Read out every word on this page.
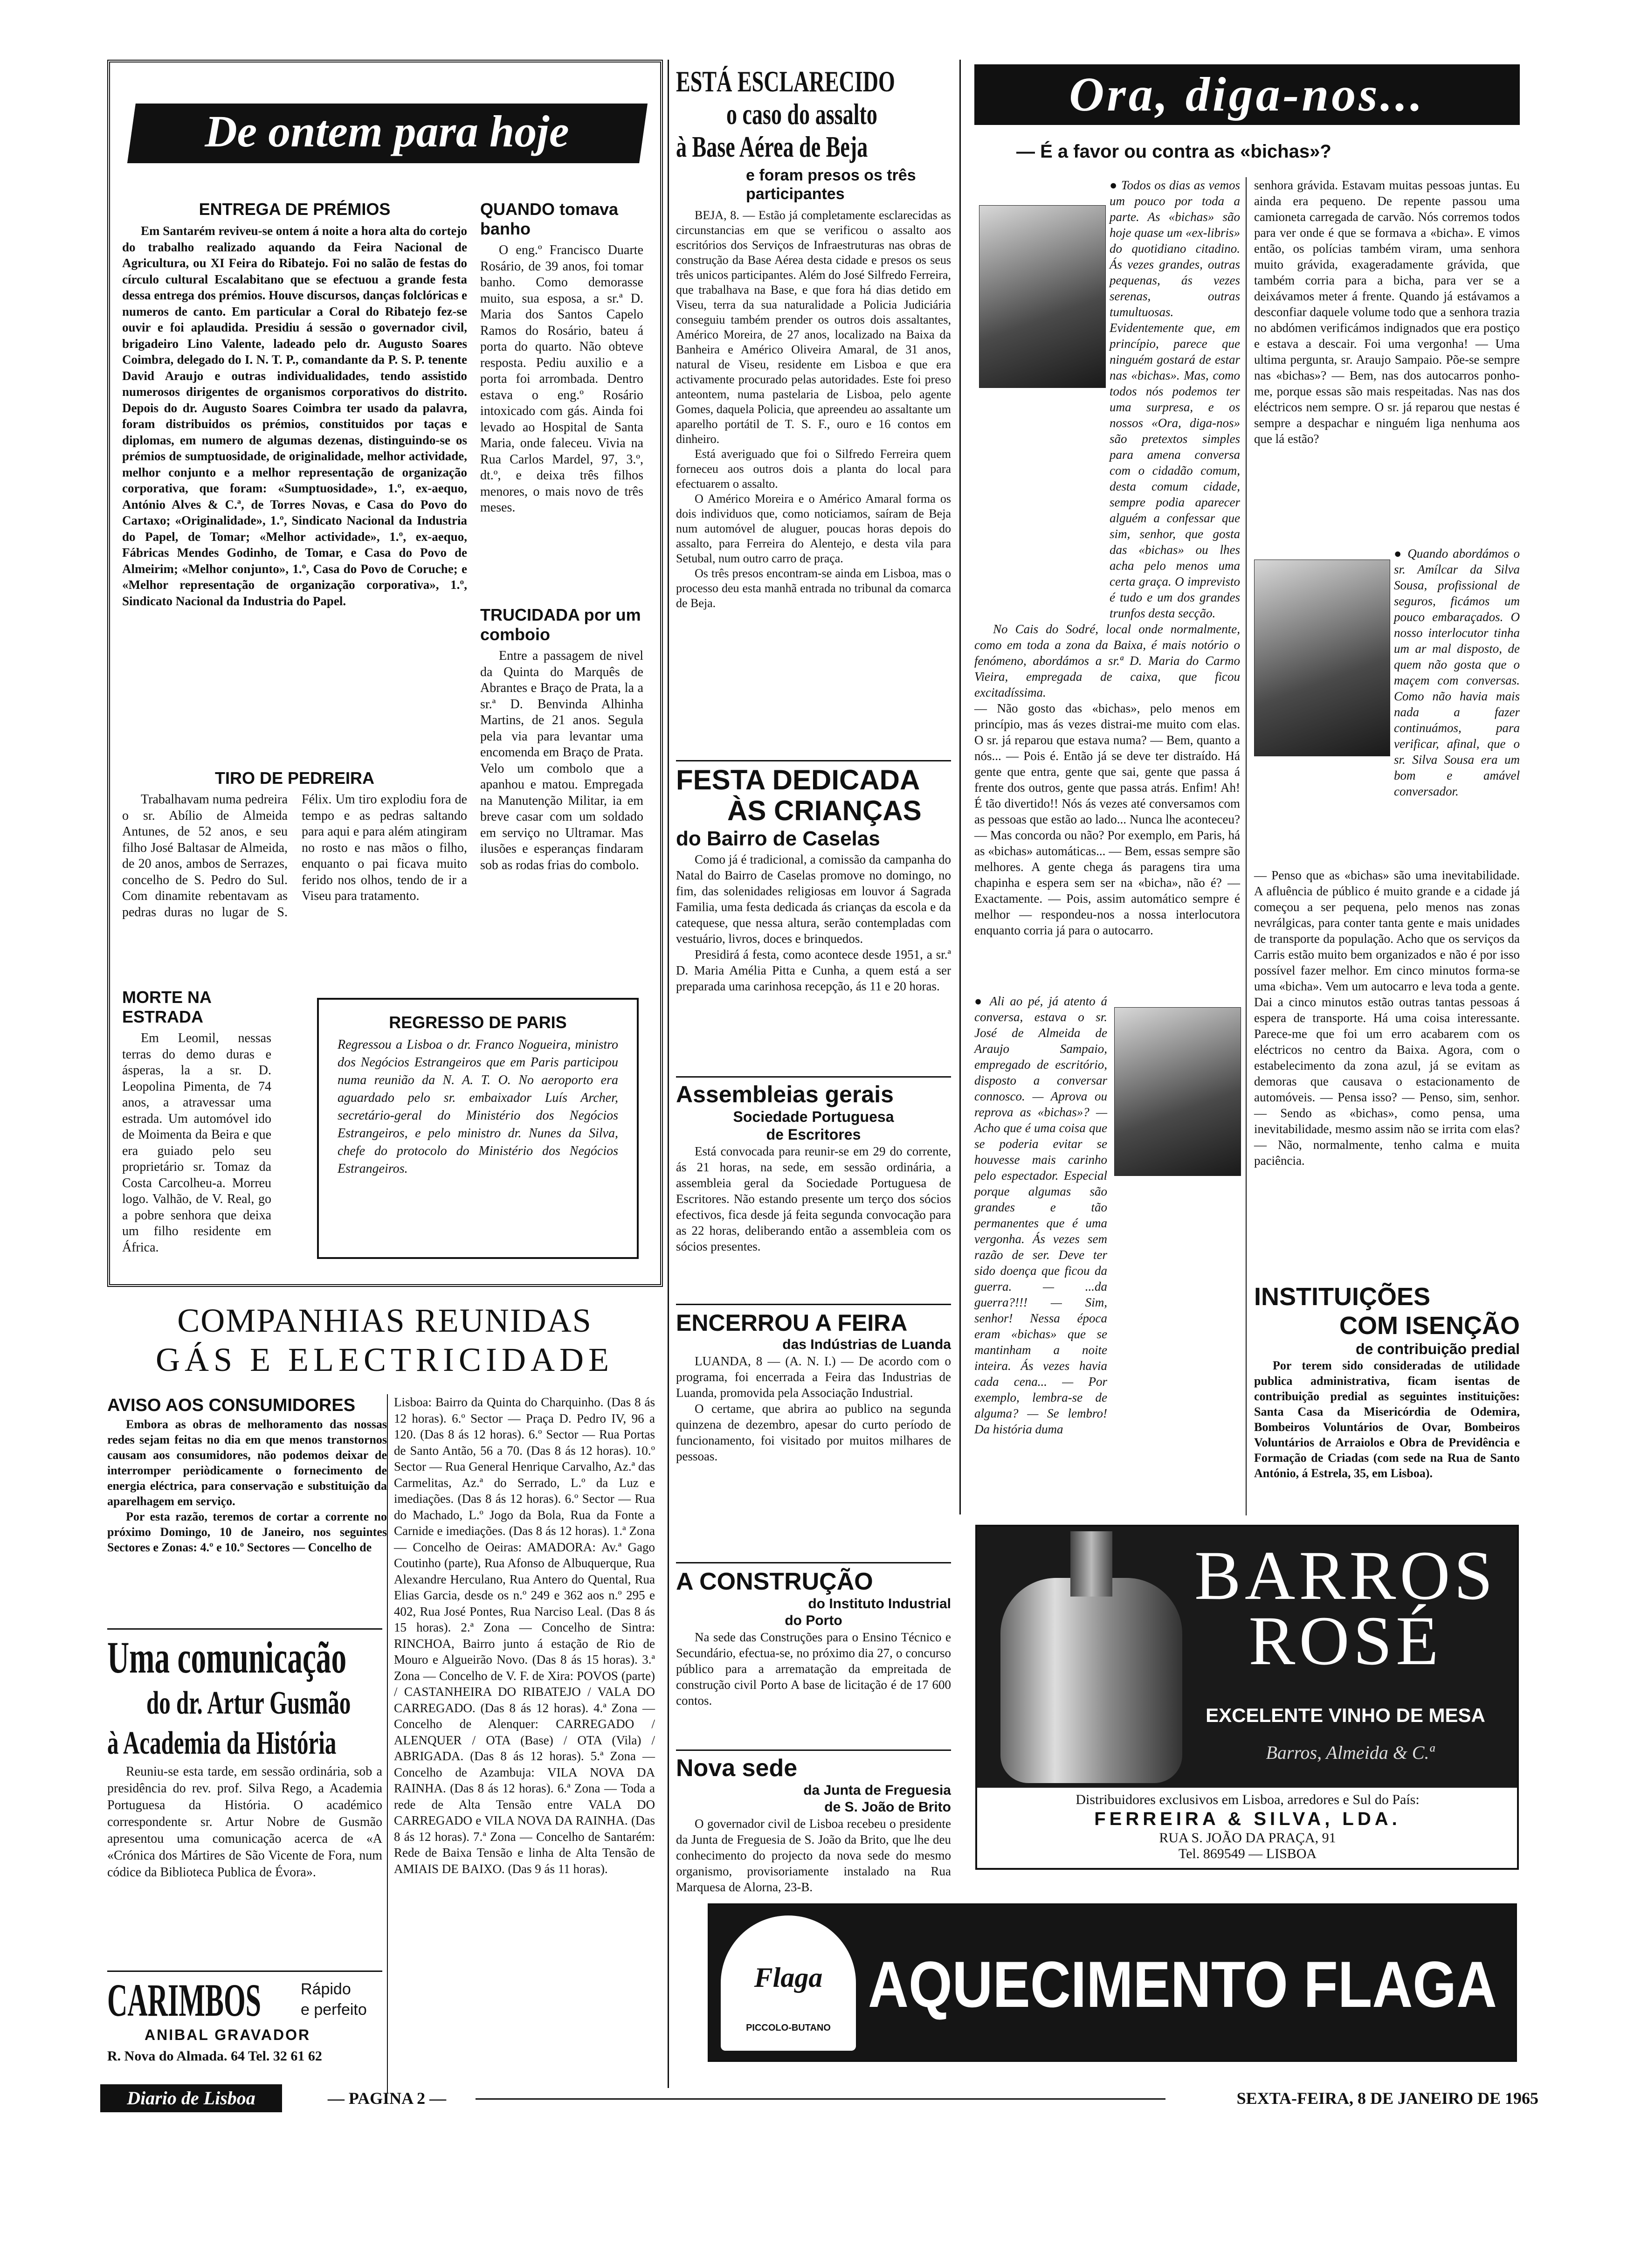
De ontem para hoje
ENTREGA DE PRÉMIOS

Em Santarém reviveu-se ontem á noite a hora alta do cortejo do trabalho realizado aquando da Feira Nacional de Agricultura, ou XI Feira do Ribatejo. Foi no salão de festas do círculo cultural Escalabitano que se efectuou a grande festa dessa entrega dos prémios. Houve discursos, danças folclóricas e numeros de canto. Em particular a Coral do Ribatejo fez-se ouvir e foi aplaudida. Presidiu á sessão o governador civil, brigadeiro Lino Valente, ladeado pelo dr. Augusto Soares Coimbra, delegado do I. N. T. P., comandante da P. S. P. tenente David Araujo e outras individualidades, tendo assistido numerosos dirigentes de organismos corporativos do distrito. Depois do dr. Augusto Soares Coimbra ter usado da palavra, foram distribuidos os prémios, constituidos por taças e diplomas, em numero de algumas dezenas, distinguindo-se os prémios de sumptuosidade, de originalidade, melhor actividade, melhor conjunto e a melhor representação de organização corporativa, que foram: «Sumptuosidade», 1.º, ex-aequo, António Alves & C.ª, de Torres Novas, e Casa do Povo do Cartaxo; «Originalidade», 1.º, Sindicato Nacional da Industria do Papel, de Tomar; «Melhor actividade», 1.º, ex-aequo, Fábricas Mendes Godinho, de Tomar, e Casa do Povo de Almeirim; «Melhor conjunto», 1.º, Casa do Povo de Coruche; e «Melhor representação de organização corporativa», 1.º, Sindicato Nacional da Industria do Papel.

QUANDO tomava banho

O eng.º Francisco Duarte Rosário, de 39 anos, foi tomar banho. Como demorasse muito, sua esposa, a sr.ª D. Maria dos Santos Capelo Ramos do Rosário, bateu á porta do quarto. Não obteve resposta. Pediu auxilio e a porta foi arrombada. Dentro estava o eng.º Rosário intoxicado com gás. Ainda foi levado ao Hospital de Santa Maria, onde faleceu. Vivia na Rua Carlos Mardel, 97, 3.º, dt.º, e deixa três filhos menores, o mais novo de três meses.

TRUCIDADA por um comboio

Entre a passagem de nivel da Quinta do Marquês de Abrantes e Braço de Prata, la a sr.ª D. Benvinda Alhinha Martins, de 21 anos. Segula pela via para levantar uma encomenda em Braço de Prata. Velo um combolo que a apanhou e matou. Empregada na Manutenção Militar, ia em breve casar com um soldado em serviço no Ultramar. Mas ilusões e esperanças findaram sob as rodas frias do combolo.

TIRO DE PEDREIRA

Trabalhavam numa pedreira o sr. Abílio de Almeida Antunes, de 52 anos, e seu filho José Baltasar de Almeida, de 20 anos, ambos de Serrazes, concelho de S. Pedro do Sul. Com dinamite rebentavam as pedras duras no lugar de S. Félix. Um tiro explodiu fora de tempo e as pedras saltando para aqui e para além atingiram no rosto e nas mãos o filho, enquanto o pai ficava muito ferido nos olhos, tendo de ir a Viseu para tratamento.

MORTE NA ESTRADA

Em Leomil, nessas terras do demo duras e ásperas, la a sr. D. Leopolina Pimenta, de 74 anos, a atravessar uma estrada. Um automóvel ido de Moimenta da Beira e que era guiado pelo seu proprietário sr. Tomaz da Costa Carcolheu-a. Morreu logo. Valhão, de V. Real, go a pobre senhora que deixa um filho residente em África.

REGRESSO DE PARIS

Regressou a Lisboa o dr. Franco Nogueira, ministro dos Negócios Estrangeiros que em Paris participou numa reunião da N. A. T. O. No aeroporto era aguardado pelo sr. embaixador Luís Archer, secretário-geral do Ministério dos Negócios Estrangeiros, e pelo ministro dr. Nunes da Silva, chefe do protocolo do Ministério dos Negócios Estrangeiros.

ESTÁ ESCLARECIDO
o caso do assalto
à Base Aérea de Beja
e foram presos os três participantes

BEJA, 8. — Estão já completamente esclarecidas as circunstancias em que se verificou o assalto aos escritórios dos Serviços de Infraestruturas nas obras de construção da Base Aérea desta cidade e presos os seus três unicos participantes. Além do José Silfredo Ferreira, que trabalhava na Base, e que fora há dias detido em Viseu, terra da sua naturalidade a Policia Judiciária conseguiu também prender os outros dois assaltantes, Américo Moreira, de 27 anos, localizado na Baixa da Banheira e Américo Oliveira Amaral, de 31 anos, natural de Viseu, residente em Lisboa e que era activamente procurado pelas autoridades. Este foi preso anteontem, numa pastelaria de Lisboa, pelo agente Gomes, daquela Policia, que apreendeu ao assaltante um aparelho portátil de T. S. F., ouro e 16 contos em dinheiro.

Está averiguado que foi o Silfredo Ferreira quem forneceu aos outros dois a planta do local para efectuarem o assalto.

O Américo Moreira e o Américo Amaral forma os dois individuos que, como noticiamos, saíram de Beja num automóvel de aluguer, poucas horas depois do assalto, para Ferreira do Alentejo, e desta vila para Setubal, num outro carro de praça.

Os três presos encontram-se ainda em Lisboa, mas o processo deu esta manhã entrada no tribunal da comarca de Beja.

FESTA DEDICADA
ÀS CRIANÇAS
do Bairro de Caselas

Como já é tradicional, a comissão da campanha do Natal do Bairro de Caselas promove no domingo, no fim, das solenidades religiosas em louvor á Sagrada Familia, uma festa dedicada ás crianças da escola e da catequese, que nessa altura, serão contempladas com vestuário, livros, doces e brinquedos.

Presidirá á festa, como acontece desde 1951, a sr.ª D. Maria Amélia Pitta e Cunha, a quem está a ser preparada uma carinhosa recepção, ás 11 e 20 horas.

Assembleias gerais
Sociedade Portuguesa
de Escritores

Está convocada para reunir-se em 29 do corrente, ás 21 horas, na sede, em sessão ordinária, a assembleia geral da Sociedade Portuguesa de Escritores. Não estando presente um terço dos sócios efectivos, fica desde já feita segunda convocação para as 22 horas, deliberando então a assembleia com os sócios presentes.

ENCERROU A FEIRA
das Indústrias de Luanda

LUANDA, 8 — (A. N. I.) — De acordo com o programa, foi encerrada a Feira das Industrias de Luanda, promovida pela Associação Industrial.

O certame, que abrira ao publico na segunda quinzena de dezembro, apesar do curto período de funcionamento, foi visitado por muitos milhares de pessoas.

A CONSTRUÇÃO
do Instituto Industrial
do Porto

Na sede das Construções para o Ensino Técnico e Secundário, efectua-se, no próximo dia 27, o concurso público para a arrematação da empreitada de construção civil Porto A base de licitação é de 17 600 contos.

Nova sede
da Junta de Freguesia
de S. João de Brito

O governador civil de Lisboa recebeu o presidente da Junta de Freguesia de S. João da Brito, que lhe deu conhecimento do projecto da nova sede do mesmo organismo, provisoriamente instalado na Rua Marquesa de Alorna, 23-B.

Ora, diga-nos...
— É a favor ou contra as «bichas»?

● Todos os dias as vemos um pouco por toda a parte. As «bichas» são hoje quase um «ex-libris» do quotidiano citadino. Ás vezes grandes, outras pequenas, ás vezes serenas, outras tumultuosas. Evidentemente que, em princípio, parece que ninguém gostará de estar nas «bichas». Mas, como todos nós podemos ter uma surpresa, e os nossos «Ora, diga-nos» são pretextos simples para amena conversa com o cidadão comum, desta comum cidade, sempre podia aparecer alguém a confessar que sim, senhor, que gosta das «bichas» ou lhes acha pelo menos uma certa graça. O imprevisto é tudo e um dos grandes trunfos desta secção.

No Cais do Sodré, local onde normalmente, como em toda a zona da Baixa, é mais notório o fenómeno, abordámos a sr.ª D. Maria do Carmo Vieira, empregada de caixa, que ficou excitadíssima.

— Não gosto das «bichas», pelo menos em princípio, mas ás vezes distrai-me muito com elas. O sr. já reparou que estava numa? — Bem, quanto a nós... — Pois é. Então já se deve ter distraído. Há gente que entra, gente que sai, gente que passa á frente dos outros, gente que passa atrás. Enfim! Ah! É tão divertido!! Nós ás vezes até conversamos com as pessoas que estão ao lado... Nunca lhe aconteceu? — Mas concorda ou não? Por exemplo, em Paris, há as «bichas» automáticas... — Bem, essas sempre são melhores. A gente chega ás paragens tira uma chapinha e espera sem ser na «bicha», não é? — Exactamente. — Pois, assim automático sempre é melhor — respondeu-nos a nossa interlocutora enquanto corria já para o autocarro.

● Ali ao pé, já atento á conversa, estava o sr. José de Almeida de Araujo Sampaio, empregado de escritório, disposto a conversar connosco. — Aprova ou reprova as «bichas»? — Acho que é uma coisa que se poderia evitar se houvesse mais carinho pelo espectador. Especial porque algumas são grandes e tão permanentes que é uma vergonha. Ás vezes sem razão de ser. Deve ter sido doença que ficou da guerra. — ...da guerra?!!! — Sim, senhor! Nessa época eram «bichas» que se mantinham a noite inteira. Ás vezes havia cada cena... — Por exemplo, lembra-se de alguma? — Se lembro! Da história duma

senhora grávida. Estavam muitas pessoas juntas. Eu ainda era pequeno. De repente passou uma camioneta carregada de carvão. Nós corremos todos para ver onde é que se formava a «bicha». E vimos então, os polícias também viram, uma senhora muito grávida, exageradamente grávida, que também corria para a bicha, para ver se a deixávamos meter á frente. Quando já estávamos a desconfiar daquele volume todo que a senhora trazia no abdómen verificámos indignados que era postiço e estava a descair. Foi uma vergonha! — Uma ultima pergunta, sr. Araujo Sampaio. Põe-se sempre nas «bichas»? — Bem, nas dos autocarros ponho-me, porque essas são mais respeitadas. Nas nas dos eléctricos nem sempre. O sr. já reparou que nestas é sempre a despachar e ninguém liga nenhuma aos que lá estão?

● Quando abordámos o sr. Amílcar da Silva Sousa, profissional de seguros, ficámos um pouco embaraçados. O nosso interlocutor tinha um ar mal disposto, de quem não gosta que o maçem com conversas. Como não havia mais nada a fazer continuámos, para verificar, afinal, que o sr. Silva Sousa era um bom e amável conversador.

— Penso que as «bichas» são uma inevitabilidade. A afluência de público é muito grande e a cidade já começou a ser pequena, pelo menos nas zonas nevrálgicas, para conter tanta gente e mais unidades de transporte da população. Acho que os serviços da Carris estão muito bem organizados e não é por isso possível fazer melhor. Em cinco minutos forma-se uma «bicha». Vem um autocarro e leva toda a gente. Dai a cinco minutos estão outras tantas pessoas á espera de transporte. Há uma coisa interessante. Parece-me que foi um erro acabarem com os eléctricos no centro da Baixa. Agora, com o estabelecimento da zona azul, já se evitam as demoras que causava o estacionamento de automóveis. — Pensa isso? — Penso, sim, senhor. — Sendo as «bichas», como pensa, uma inevitabilidade, mesmo assim não se irrita com elas? — Não, normalmente, tenho calma e muita paciência.

INSTITUIÇÕES
COM ISENÇÃO
de contribuição predial

Por terem sido consideradas de utilidade publica administrativa, ficam isentas de contribuição predial as seguintes instituições: Santa Casa da Misericórdia de Odemira, Bombeiros Voluntários de Ovar, Bombeiros Voluntários de Arraiolos e Obra de Previdência e Formação de Criadas (com sede na Rua de Santo António, á Estrela, 35, em Lisboa).

BARROS
ROSÉ
EXCELENTE VINHO DE MESA
Barros, Almeida & C.ª
Distribuidores exclusivos em Lisboa, arredores e Sul do País:
FERREIRA & SILVA, LDA.
RUA S. JOÃO DA PRAÇA, 91
Tel. 869549 — LISBOA
Flaga
PICCOLO-BUTANO
AQUECIMENTO FLAGA
COMPANHIAS REUNIDAS
GÁS E ELECTRICIDADE
AVISO AOS CONSUMIDORES

Embora as obras de melhoramento das nossas redes sejam feitas no dia em que menos transtornos causam aos consumidores, não podemos deixar de interromper periòdicamente o fornecimento de energia eléctrica, para conservação e substituição da aparelhagem em serviço.

Por esta razão, teremos de cortar a corrente no próximo Domingo, 10 de Janeiro, nos seguintes Sectores e Zonas: 4.º e 10.º Sectores — Concelho de

Lisboa: Bairro da Quinta do Charquinho. (Das 8 ás 12 horas). 6.º Sector — Praça D. Pedro IV, 96 a 120. (Das 8 ás 12 horas). 6.º Sector — Rua Portas de Santo Antão, 56 a 70. (Das 8 ás 12 horas). 10.º Sector — Rua General Henrique Carvalho, Az.ª das Carmelitas, Az.ª do Serrado, L.º da Luz e imediações. (Das 8 ás 12 horas). 6.º Sector — Rua do Machado, L.º Jogo da Bola, Rua da Fonte a Carnide e imediações. (Das 8 ás 12 horas). 1.ª Zona — Concelho de Oeiras: AMADORA: Av.ª Gago Coutinho (parte), Rua Afonso de Albuquerque, Rua Alexandre Herculano, Rua Antero do Quental, Rua Elias Garcia, desde os n.º 249 e 362 aos n.º 295 e 402, Rua José Pontes, Rua Narciso Leal. (Das 8 ás 15 horas). 2.ª Zona — Concelho de Sintra: RINCHOA, Bairro junto á estação de Rio de Mouro e Algueirão Novo. (Das 8 ás 15 horas). 3.ª Zona — Concelho de V. F. de Xira: POVOS (parte) / CASTANHEIRA DO RIBATEJO / VALA DO CARREGADO. (Das 8 ás 12 horas). 4.ª Zona — Concelho de Alenquer: CARREGADO / ALENQUER / OTA (Base) / OTA (Vila) / ABRIGADA. (Das 8 ás 12 horas). 5.ª Zona — Concelho de Azambuja: VILA NOVA DA RAINHA. (Das 8 ás 12 horas). 6.ª Zona — Toda a rede de Alta Tensão entre VALA DO CARREGADO e VILA NOVA DA RAINHA. (Das 8 ás 12 horas). 7.ª Zona — Concelho de Santarém: Rede de Baixa Tensão e linha de Alta Tensão de AMIAIS DE BAIXO. (Das 9 ás 11 horas).

Uma comunicação
do dr. Artur Gusmão
à Academia da História

Reuniu-se esta tarde, em sessão ordinária, sob a presidência do rev. prof. Silva Rego, a Academia Portuguesa da História. O académico correspondente sr. Artur Nobre de Gusmão apresentou uma comunicação acerca de «A «Crónica dos Mártires de São Vicente de Fora, num códice da Biblioteca Publica de Évora».

CARIMBOS Rápido
e perfeito
ANIBAL GRAVADOR
R. Nova do Almada. 64 Tel. 32 61 62
Diario de Lisboa	— PAGINA 2 —	SEXTA-FEIRA, 8 DE JANEIRO DE 1965
